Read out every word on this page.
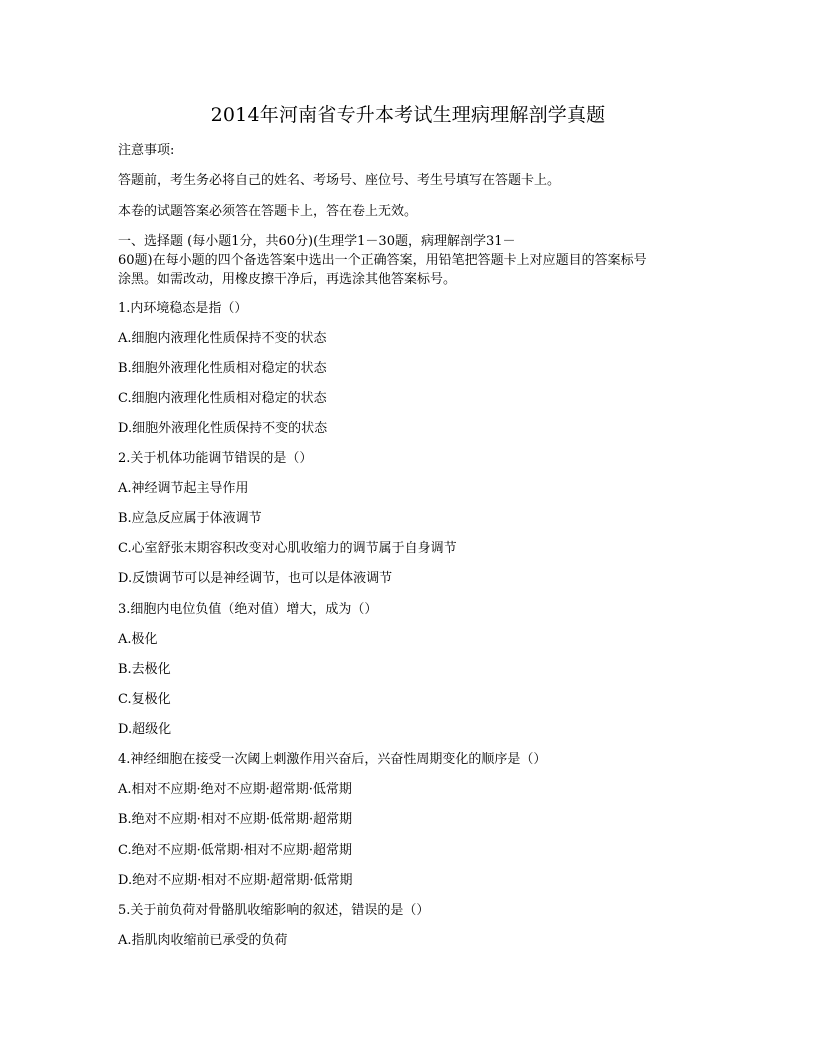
2014年河南省专升本考试生理病理解剖学真题
注意事项:
答题前，考生务必将自己的姓名、考场号、座位号、考生号填写在答题卡上。
本卷的试题答案必须答在答题卡上，答在卷上无效。
一、选择题 (每小题1分，共60分)(生理学1－30题，病理解剖学31－
60题)在每小题的四个备选答案中选出一个正确答案，用铅笔把答题卡上对应题目的答案标号
涂黑。如需改动，用橡皮擦干净后，再选涂其他答案标号。
1.内环境稳态是指（）
A.细胞内液理化性质保持不变的状态
B.细胞外液理化性质相对稳定的状态
C.细胞内液理化性质相对稳定的状态
D.细胞外液理化性质保持不变的状态
2.关于机体功能调节错误的是（）
A.神经调节起主导作用
B.应急反应属于体液调节
C.心室舒张末期容积改变对心肌收缩力的调节属于自身调节
D.反馈调节可以是神经调节，也可以是体液调节
3.细胞内电位负值（绝对值）增大，成为（）
A.极化
B.去极化
C.复极化
D.超级化
4.神经细胞在接受一次阈上刺激作用兴奋后，兴奋性周期变化的顺序是（）
A.相对不应期·绝对不应期·超常期·低常期
B.绝对不应期·相对不应期·低常期·超常期
C.绝对不应期·低常期·相对不应期·超常期
D.绝对不应期·相对不应期·超常期·低常期
5.关于前负荷对骨骼肌收缩影响的叙述，错误的是（）
A.指肌肉收缩前已承受的负荷
